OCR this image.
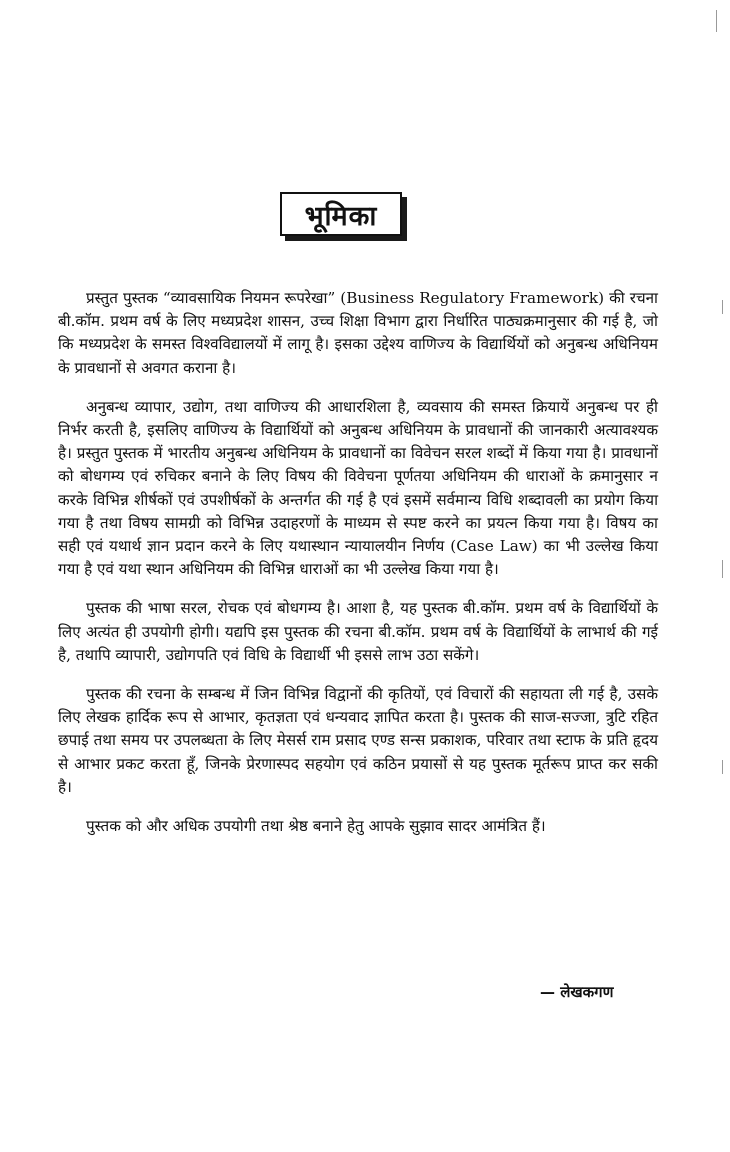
भूमिका

प्रस्तुत पुस्तक “व्यावसायिक नियमन रूपरेखा” (Business Regulatory Framework) की रचना बी.कॉम. प्रथम वर्ष के लिए मध्यप्रदेश शासन, उच्च शिक्षा विभाग द्वारा निर्धारित पाठ्यक्रमानुसार की गई है, जो कि मध्यप्रदेश के समस्त विश्वविद्यालयों में लागू है। इसका उद्देश्य वाणिज्य के विद्यार्थियों को अनुबन्ध अधिनियम के प्रावधानों से अवगत कराना है।

अनुबन्ध व्यापार, उद्योग, तथा वाणिज्य की आधारशिला है, व्यवसाय की समस्त क्रियायें अनुबन्ध पर ही निर्भर करती है, इसलिए वाणिज्य के विद्यार्थियों को अनुबन्ध अधिनियम के प्रावधानों की जानकारी अत्यावश्यक है। प्रस्तुत पुस्तक में भारतीय अनुबन्ध अधिनियम के प्रावधानों का विवेचन सरल शब्दों में किया गया है। प्रावधानों को बोधगम्य एवं रुचिकर बनाने के लिए विषय की विवेचना पूर्णतया अधिनियम की धाराओं के क्रमानुसार न करके विभिन्न शीर्षकों एवं उपशीर्षकों के अन्तर्गत की गई है एवं इसमें सर्वमान्य विधि शब्दावली का प्रयोग किया गया है तथा विषय सामग्री को विभिन्न उदाहरणों के माध्यम से स्पष्ट करने का प्रयत्न किया गया है। विषय का सही एवं यथार्थ ज्ञान प्रदान करने के लिए यथास्थान न्यायालयीन निर्णय (Case Law) का भी उल्लेख किया गया है एवं यथा स्थान अधिनियम की विभिन्न धाराओं का भी उल्लेख किया गया है।

पुस्तक की भाषा सरल, रोचक एवं बोधगम्य है। आशा है, यह पुस्तक बी.कॉम. प्रथम वर्ष के विद्यार्थियों के लिए अत्यंत ही उपयोगी होगी। यद्यपि इस पुस्तक की रचना बी.कॉम. प्रथम वर्ष के विद्यार्थियों के लाभार्थ की गई है, तथापि व्यापारी, उद्योगपति एवं विधि के विद्यार्थी भी इससे लाभ उठा सकेंगे।

पुस्तक की रचना के सम्बन्ध में जिन विभिन्न विद्वानों की कृतियों, एवं विचारों की सहायता ली गई है, उसके लिए लेखक हार्दिक रूप से आभार, कृतज्ञता एवं धन्यवाद ज्ञापित करता है। पुस्तक की साज-सज्जा, त्रुटि रहित छपाई तथा समय पर उपलब्धता के लिए मेसर्स राम प्रसाद एण्ड सन्स प्रकाशक, परिवार तथा स्टाफ के प्रति हृदय से आभार प्रकट करता हूँ, जिनके प्रेरणास्पद सहयोग एवं कठिन प्रयासों से यह पुस्तक मूर्तरूप प्राप्त कर सकी है।

पुस्तक को और अधिक उपयोगी तथा श्रेष्ठ बनाने हेतु आपके सुझाव सादर आमंत्रित हैं।

— लेखकगण
